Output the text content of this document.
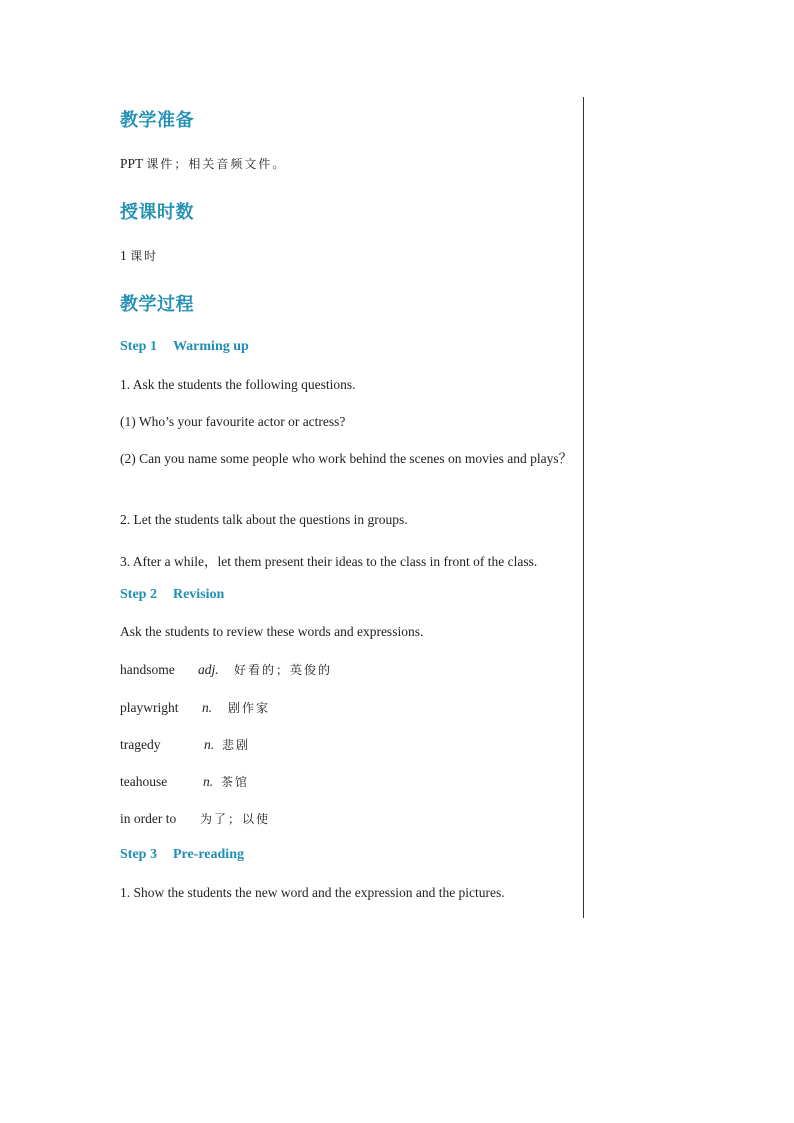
教学准备
PPT 课件；相关音频文件。
授课时数
1 课时
教学过程
Step 1 Warming up
1. Ask the students the following questions.
(1) Who’s your favourite actor or actress?
(2) Can you name some people who work behind the scenes on movies and plays？
2. Let the students talk about the questions in groups.
3. After a while，let them present their ideas to the class in front of the class.
Step 2 Revision
Ask the students to review these words and expressions.
handsome adj. 好看的；英俊的
playwright n. 剧作家
tragedy	n. 悲剧
teahouse	n. 茶馆
in order to 为了；以使
Step 3 Pre-reading
1. Show the students the new word and the expression and the pictures.
